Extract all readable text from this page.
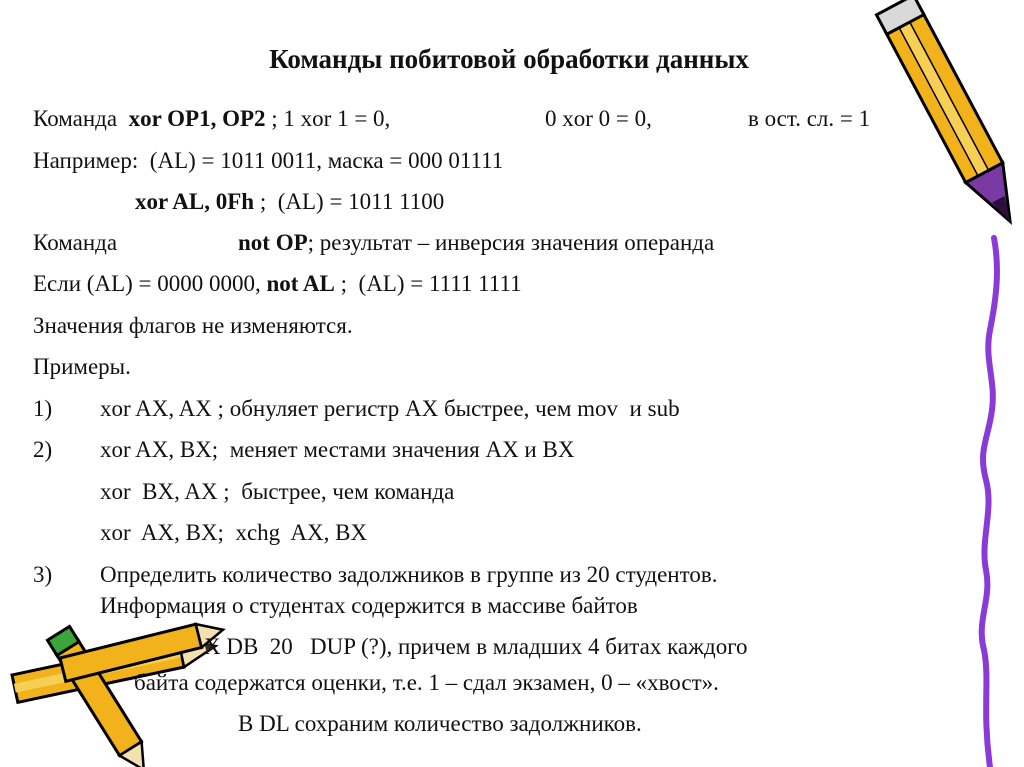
Команды побитовой обработки данных
Команда xor OP1, OP2 ; 1 xor 1 = 0,	0 xor 0 = 0,	в ост. сл. = 1
Например: (AL) = 1011 0011, маска = 000 01111
xor AL, 0Fh ;  (AL) = 1011 1100
Команда	not OP; результат – инверсия значения операнда
Если (AL) = 0000 0000, not AL ;  (AL) = 1111 1111
Значения флагов не изменяются.
Примеры.
1) xor AX, AX ; обнуляет регистр AX быстрее, чем mov  и sub
2) xor AX, BX;  меняет местами значения AX и BX
xor  BX, AX ;  быстрее, чем команда
xor  AX, BX;  xchg  AX, BX
3) Определить количество задолжников в группе из 20 студентов.
Информация о студентах содержится в массиве байтов
X DB  20   DUP (?), причем в младших 4 битах каждого
байта содержатся оценки, т.е. 1 – сдал экзамен, 0 – «хвост».
В DL сохраним количество задолжников.
